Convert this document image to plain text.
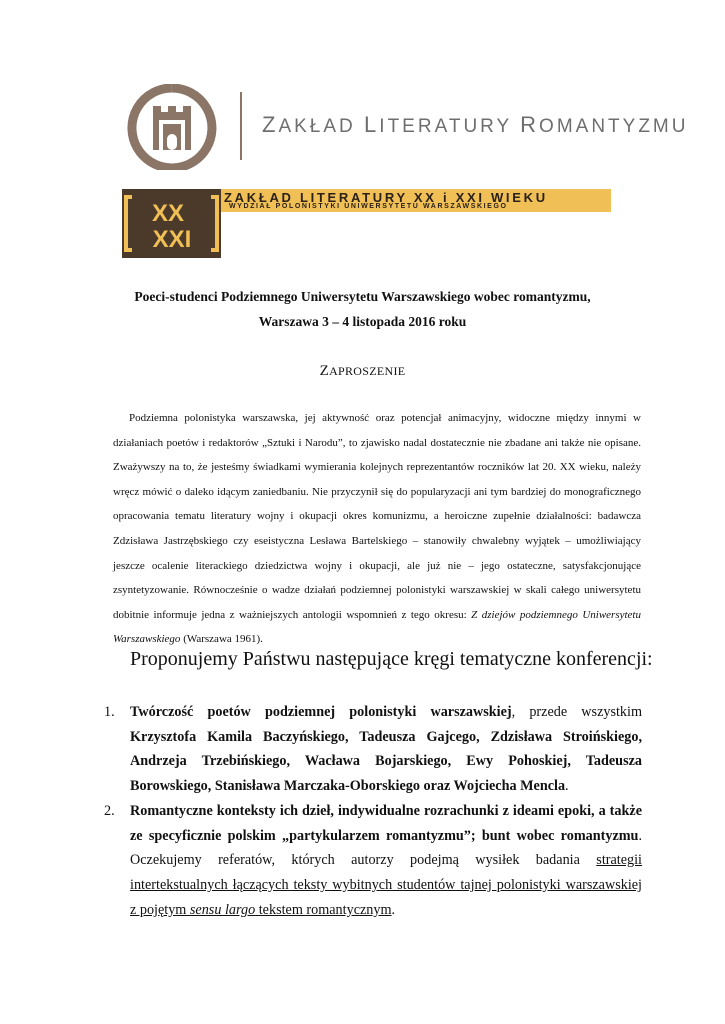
ZAKŁAD LITERATURY ROMANTYZMU
XX
XXI
ZAKŁAD LITERATURY XX i XXI WIEKU
WYDZIAŁ POLONISTYKI UNIWERSYTETU WARSZAWSKIEGO
Poeci-studenci Podziemnego Uniwersytetu Warszawskiego wobec romantyzmu,
Warszawa 3 – 4 listopada 2016 roku
ZAPROSZENIE

Podziemna polonistyka warszawska, jej aktywność oraz potencjał animacyjny, widoczne między innymi w działaniach poetów i redaktorów „Sztuki i Narodu”, to zjawisko nadal dostatecznie nie zbadane ani także nie opisane. Zważywszy na to, że jesteśmy świadkami wymierania kolejnych reprezentantów roczników lat 20. XX wieku, należy wręcz mówić o daleko idącym zaniedbaniu. Nie przyczynił się do popularyzacji ani tym bardziej do monograficznego opracowania tematu literatury wojny i okupacji okres komunizmu, a heroiczne zupełnie działalności: badawcza Zdzisława Jastrzębskiego czy eseistyczna Lesława Bartelskiego – stanowiły chwalebny wyjątek – umożliwiający jeszcze ocalenie literackiego dziedzictwa wojny i okupacji, ale już nie – jego ostateczne, satysfakcjonujące zsyntetyzowanie. Równocześnie o wadze działań podziemnej polonistyki warszawskiej w skali całego uniwersytetu dobitnie informuje jedna z ważniejszych antologii wspomnień z tego okresu: Z dziejów podziemnego Uniwersytetu Warszawskiego (Warszawa 1961).

Proponujemy Państwu następujące kręgi tematyczne konferencji:
1. Twórczość poetów podziemnej polonistyki warszawskiej, przede wszystkim Krzysztofa Kamila Baczyńskiego, Tadeusza Gajcego, Zdzisława Stroińskiego, Andrzeja Trzebińskiego, Wacława Bojarskiego, Ewy Pohoskiej, Tadeusza Borowskiego, Stanisława Marczaka-Oborskiego oraz Wojciecha Mencla.
2. Romantyczne konteksty ich dzieł, indywidualne rozrachunki z ideami epoki, a także ze specyficznie polskim „partykularzem romantyzmu”; bunt wobec romantyzmu. Oczekujemy referatów, których autorzy podejmą wysiłek badania strategii intertekstualnych łączących teksty wybitnych studentów tajnej polonistyki warszawskiej z pojętym sensu largo tekstem romantycznym.
